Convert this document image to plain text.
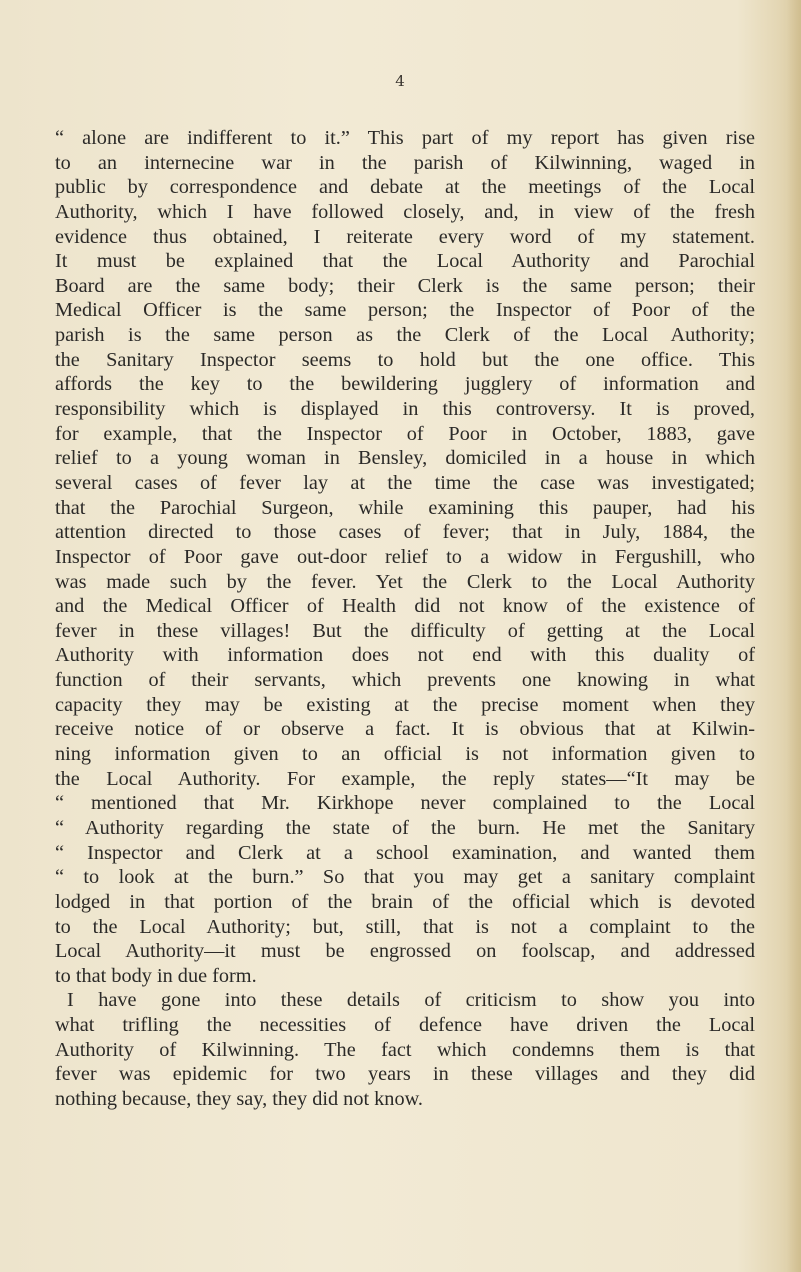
4
“ alone are indifferent to it.” This part of my report has given rise
to an internecine war in the parish of Kilwinning, waged in
public by correspondence and debate at the meetings of the Local
Authority, which I have followed closely, and, in view of the fresh
evidence thus obtained, I reiterate every word of my statement.
It must be explained that the Local Authority and Parochial
Board are the same body; their Clerk is the same person; their
Medical Officer is the same person; the Inspector of Poor of the
parish is the same person as the Clerk of the Local Authority;
the Sanitary Inspector seems to hold but the one office. This
affords the key to the bewildering jugglery of information and
responsibility which is displayed in this controversy. It is proved,
for example, that the Inspector of Poor in October, 1883, gave
relief to a young woman in Bensley, domiciled in a house in which
several cases of fever lay at the time the case was investigated;
that the Parochial Surgeon, while examining this pauper, had his
attention directed to those cases of fever; that in July, 1884, the
Inspector of Poor gave out-door relief to a widow in Fergushill, who
was made such by the fever. Yet the Clerk to the Local Authority
and the Medical Officer of Health did not know of the existence of
fever in these villages! But the difficulty of getting at the Local
Authority with information does not end with this duality of
function of their servants, which prevents one knowing in what
capacity they may be existing at the precise moment when they
receive notice of or observe a fact. It is obvious that at Kilwin-
ning information given to an official is not information given to
the Local Authority. For example, the reply states—“It may be
“ mentioned that Mr. Kirkhope never complained to the Local
“ Authority regarding the state of the burn. He met the Sanitary
“ Inspector and Clerk at a school examination, and wanted them
“ to look at the burn.” So that you may get a sanitary complaint
lodged in that portion of the brain of the official which is devoted
to the Local Authority; but, still, that is not a complaint to the
Local Authority—it must be engrossed on foolscap, and addressed
to that body in due form.
I have gone into these details of criticism to show you into
what trifling the necessities of defence have driven the Local
Authority of Kilwinning. The fact which condemns them is that
fever was epidemic for two years in these villages and they did
nothing because, they say, they did not know.
